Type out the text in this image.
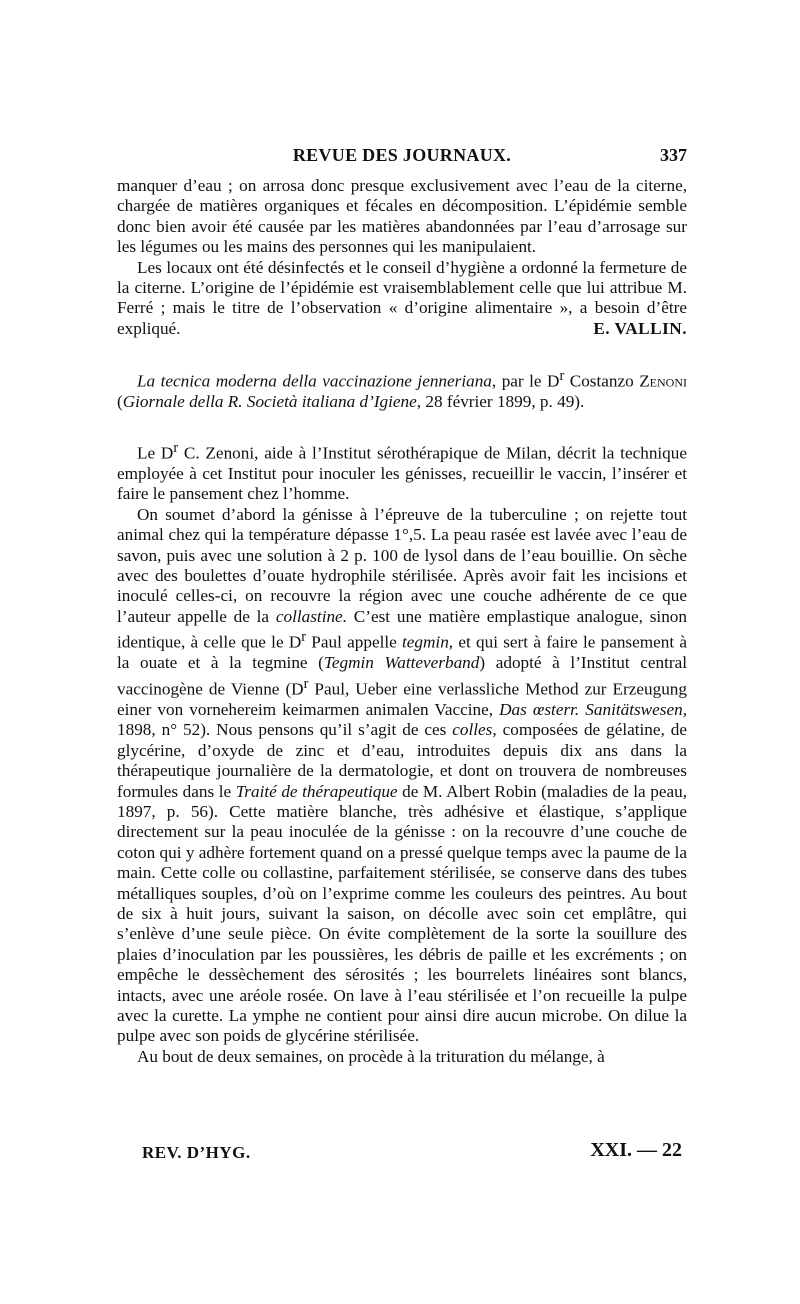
REVUE DES JOURNAUX.	337

manquer d’eau ; on arrosa donc presque exclusivement avec l’eau de la citerne, chargée de matières organiques et fécales en décomposition. L’épidémie semble donc bien avoir été causée par les matières abandonnées par l’eau d’arrosage sur les légumes ou les mains des personnes qui les manipulaient.

Les locaux ont été désinfectés et le conseil d’hygiène a ordonné la fermeture de la citerne. L’origine de l’épidémie est vraisemblablement celle que lui attribue M. Ferré ; mais le titre de l’observation « d’origine alimentaire », a besoin d’être expliqué.	E. VALLIN.

La tecnica moderna della vaccinazione jenneriana, par le $D^r$ Costanzo Zenoni (Giornale della R. Società italiana d’Igiene, 28 février 1899, p. 49).

Le $D^r$ C. Zenoni, aide à l’Institut sérothérapique de Milan, décrit la technique employée à cet Institut pour inoculer les génisses, recueillir le vaccin, l’insérer et faire le pansement chez l’homme.

On soumet d’abord la génisse à l’épreuve de la tuberculine ; on rejette tout animal chez qui la température dépasse 1°,5. La peau rasée est lavée avec l’eau de savon, puis avec une solution à 2 p. 100 de lysol dans de l’eau bouillie. On sèche avec des boulettes d’ouate hydrophile stérilisée. Après avoir fait les incisions et inoculé celles-ci, on recouvre la région avec une couche adhérente de ce que l’auteur appelle de la collastine. C’est une matière emplastique analogue, sinon identique, à celle que le $D^r$ Paul appelle tegmin, et qui sert à faire le pansement à la ouate et à la tegmine (Tegmin Watteverband) adopté à l’Institut central vaccinogène de Vienne ($D^r$ Paul, Ueber eine verlassliche Method zur Erzeugung einer von vornehereim keimarmen animalen Vaccine, Das œsterr. Sanitätswesen, 1898, n° 52). Nous pensons qu’il s’agit de ces colles, composées de gélatine, de glycérine, d’oxyde de zinc et d’eau, introduites depuis dix ans dans la thérapeutique journalière de la dermatologie, et dont on trouvera de nombreuses formules dans le Traité de thérapeutique de M. Albert Robin (maladies de la peau, 1897, p. 56). Cette matière blanche, très adhésive et élastique, s’applique directement sur la peau inoculée de la génisse : on la recouvre d’une couche de coton qui y adhère fortement quand on a pressé quelque temps avec la paume de la main. Cette colle ou collastine, parfaitement stérilisée, se conserve dans des tubes métalliques souples, d’où on l’exprime comme les couleurs des peintres. Au bout de six à huit jours, suivant la saison, on décolle avec soin cet emplâtre, qui s’enlève d’une seule pièce. On évite complètement de la sorte la souillure des plaies d’inoculation par les poussières, les débris de paille et les excréments ; on empêche le dessèchement des sérosités ; les bourrelets linéaires sont blancs, intacts, avec une aréole rosée. On lave à l’eau stérilisée et l’on recueille la pulpe avec la curette. La ymphe ne contient pour ainsi dire aucun microbe. On dilue la pulpe avec son poids de glycérine stérilisée.

Au bout de deux semaines, on procède à la trituration du mélange, à

REV. D’HYG.	XXI. — 22
